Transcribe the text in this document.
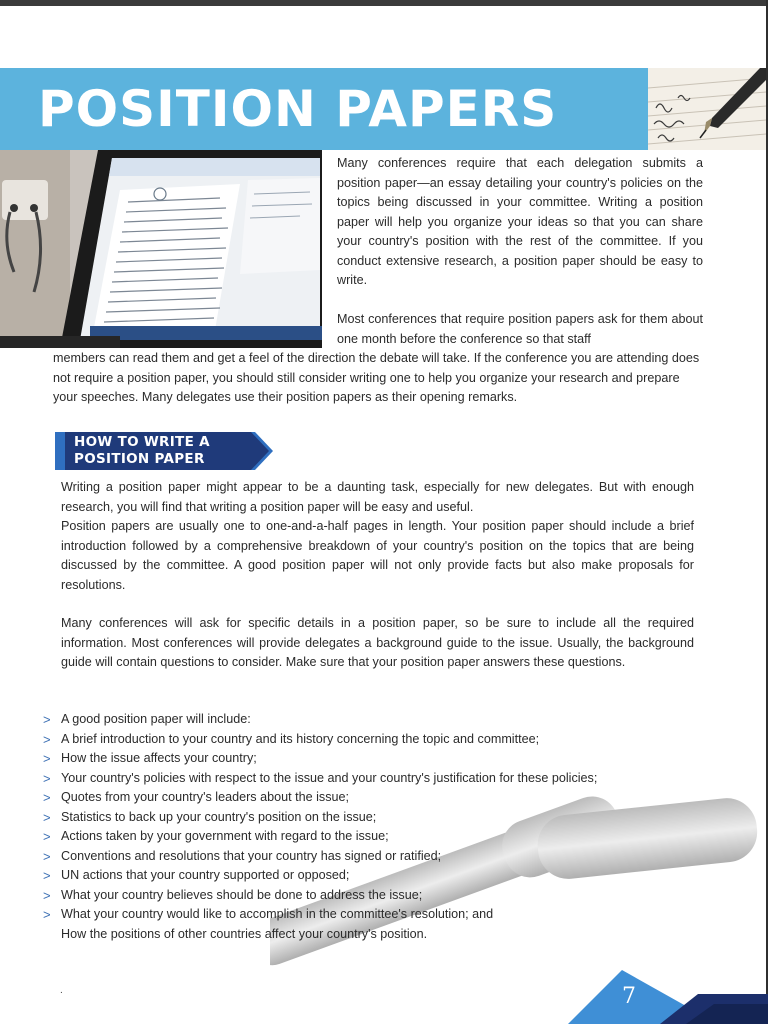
POSITION PAPERS

Many conferences require that each delegation submits a position paper—an essay detailing your country's policies on the topics being discussed in your committee. Writing a position paper will help you organize your ideas so that you can share your country's position with the rest of the committee. If you conduct extensive research, a position paper should be easy to write.

Most conferences that require position papers ask for them about one month before the conference so that staff

members can read them and get a feel of the direction the debate will take. If the conference you are attending does not require a position paper, you should still consider writing one to help you organize your research and prepare your speeches. Many delegates use their position papers as their opening remarks.

HOW TO WRITE A
POSITION PAPER

Writing a position paper might appear to be a daunting task, especially for new delegates. But with enough research, you will find that writing a position paper will be easy and useful.

Position papers are usually one to one-and-a-half pages in length. Your position paper should include a brief introduction followed by a comprehensive breakdown of your country's position on the topics that are being discussed by the committee. A good position paper will not only provide facts but also make proposals for resolutions.

Many conferences will ask for specific details in a position paper, so be sure to include all the required information. Most conferences will provide delegates a background guide to the issue. Usually, the background guide will contain questions to consider. Make sure that your position paper answers these questions.

> A good position paper will include:
> A brief introduction to your country and its history concerning the topic and committee;
> How the issue affects your country;
> Your country's policies with respect to the issue and your country's justification for these policies;
> Quotes from your country's leaders about the issue;
> Statistics to back up your country's position on the issue;
> Actions taken by your government with regard to the issue;
> Conventions and resolutions that your country has signed or ratified;
> UN actions that your country supported or opposed;
> What your country believes should be done to address the issue;
> What your country would like to accomplish in the committee's resolution; and

How the positions of other countries affect your country's position.

.	7
